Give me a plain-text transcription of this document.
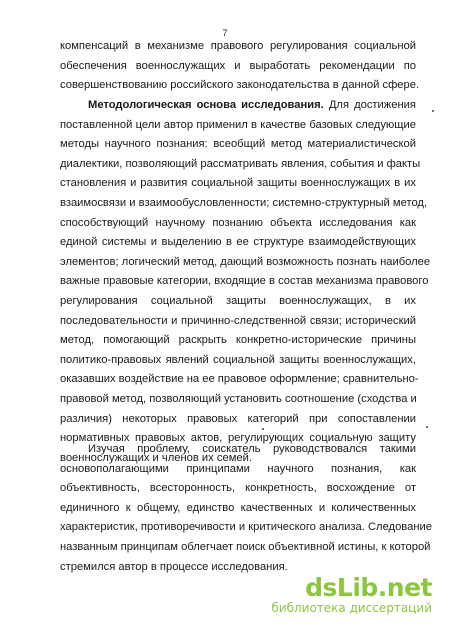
7
компенсаций в механизме правового регулирования социальной
обеспечения военнослужащих и выработать рекомендации по
совершенствованию российского законодательства в данной сфере.
Методологическая основа исследования. Для достижения
поставленной цели автор применил в качестве базовых следующие
методы научного познания: всеобщий метод материалистической
диалектики, позволяющий рассматривать явления, события и факты
становления и развития социальной защиты военнослужащих в их
взаимосвязи и взаимообусловленности; системно-структурный метод,
способствующий научному познанию объекта исследования как
единой системы и выделению в ее структуре взаимодействующих
элементов; логический метод, дающий возможность познать наиболее
важные правовые категории, входящие в состав механизма правового
регулирования социальной защиты военнослужащих, в их
последовательности и причинно-следственной связи; исторический
метод, помогающий раскрыть конкретно-исторические причины
политико-правовых явлений социальной защиты военнослужащих,
оказавших воздействие на ее правовое оформление; сравнительно-
правовой метод, позволяющий установить соотношение (сходства и
различия) некоторых правовых категорий при сопоставлении
нормативных правовых актов, регулирующих социальную защиту
военнослужащих и членов их семей.
Изучая проблему, соискатель руководствовался такими
основополагающими принципами научного познания, как
объективность, всесторонность, конкретность, восхождение от
единичного к общему, единство качественных и количественных
характеристик, противоречивости и критического анализа. Следование
названным принципам облегчает поиск объективной истины, к которой
стремился автор в процессе исследования.
dsLib.net
библиотека диссертаций
